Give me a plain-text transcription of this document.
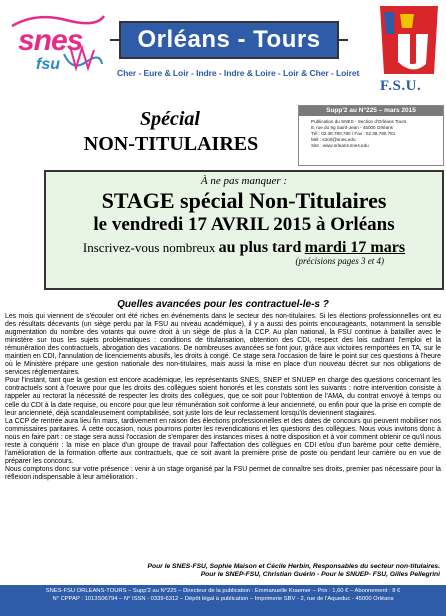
snes
fsu
Orléans - Tours
Cher - Eure & Loir - Indre - Indre & Loire - Loir & Cher - Loiret
F.S.U.
Spécial
NON-TITULAIRES
Supp'2 au N°225 – mars 2015
Publication du SNES - Section d'Orléans Tours
8, rue du 9g Saint-Jean - 45000 Orléans
Tél : 02.38.780.780 / Fax : 02.38.780.781
Mél : s3orl@snes.edu
Site : www.orleans.snes.edu
À ne pas manquer :
STAGE spécial Non-Titulaires
le vendredi 17 AVRIL 2015 à Orléans
Inscrivez-vous nombreux au plus tard mardi 17 mars
(précisions pages 3 et 4)
Quelles avancées pour les contractuel-le-s ?

Les mois qui viennent de s'écouler ont été riches en événements dans le secteur des non-titulaires. Si les élections professionnelles ont eu des résultats décevants (un siège perdu par la FSU au niveau académique), il y a aussi des points encourageants, notamment la sensible augmentation du nombre des votants qui ouvre droit à un siège de plus à la CCP. Au plan national, la FSU continue à batailler avec le ministère sur tous les sujets problématiques : conditions de titularisation, obtention des CDI, respect des lois cadrant l'emploi et la rémunération des contractuels, abrogation des vacations. De nombreuses avancées se font jour, grâce aux victoires remportées en TA, sur le maintien en CDI, l'annulation de licenciements abusifs, les droits à congé. Ce stage sera l'occasion de faire le point sur ces questions à l'heure où le Ministère prépare une gestion nationale des non-titulaires, mais aussi la mise en place d'un nouveau décret sur nos obligations de services réglementaires.

Pour l'instant, tant que la gestion est encore académique, les représentants SNES, SNEP et SNUEP en charge des questions concernant les contractuels sont à l'oeuvre pour que les droits des collègues soient honorés et les constats sont les suivants : notre intervention consiste à rappeler au rectorat la nécessité de respecter les droits des collègues, que ce soit pour l'obtention de l'AMA, du contrat envoyé à temps ou celle du CDI à la date requise, ou encore pour que leur rémunération soit conforme à leur ancienneté, ou enfin pour que la prise en compte de leur ancienneté, déjà scandaleusement comptabilisée, soit juste lors de leur reclassement lorsqu'ils deviennent stagiaires.

La CCP de rentrée aura lieu fin mars, tardivement en raison des élections professionnelles et des dates de concours qui peuvent mobiliser nos commissaires paritaires. À cette occasion, nous pourrons porter les revendications et les questions des collègues. Nous vous invitons donc à nous en faire part : ce stage sera aussi l'occasion de s'emparer des instances mises à notre disposition et à voir comment obtenir ce qu'il nous reste à conquérir : la mise en place d'un groupe de travail pour l'affectation des collègues en CDI et/ou d'un barème pour cette dernière, l'amélioration de la formation offerte aux contractuels, que ce soit avant la première prise de poste ou pendant leur carrière ou en vue de préparer les concours.

Nous comptons donc sur votre présence : venir à un stage organisé par la FSU permet de connaître ses droits, premier pas nécessaire pour la réflexion indispensable à leur amélioration .

Pour le SNES-FSU, Sophie Maison et Cécile Herbin, Responsables du secteur non-titulaires.
Pour le SNEP-FSU, Christian Guérin - Pour le SNUEP- FSU, Gilles Pellegrini
SNES-FSU ORLEANS-TOURS – Supp'2 au N°225 – Directeur de la publication : Emmanuelle Kraemer – Prix : 1,60 € – Abonnement : 8 €
N° CPPAP : 1013S06794 – N° ISSN - 0339-6312 – Dépôt légal à publication – Imprimerie SBV - 2, rue de l'Aqueduc - 45000 Orléans
